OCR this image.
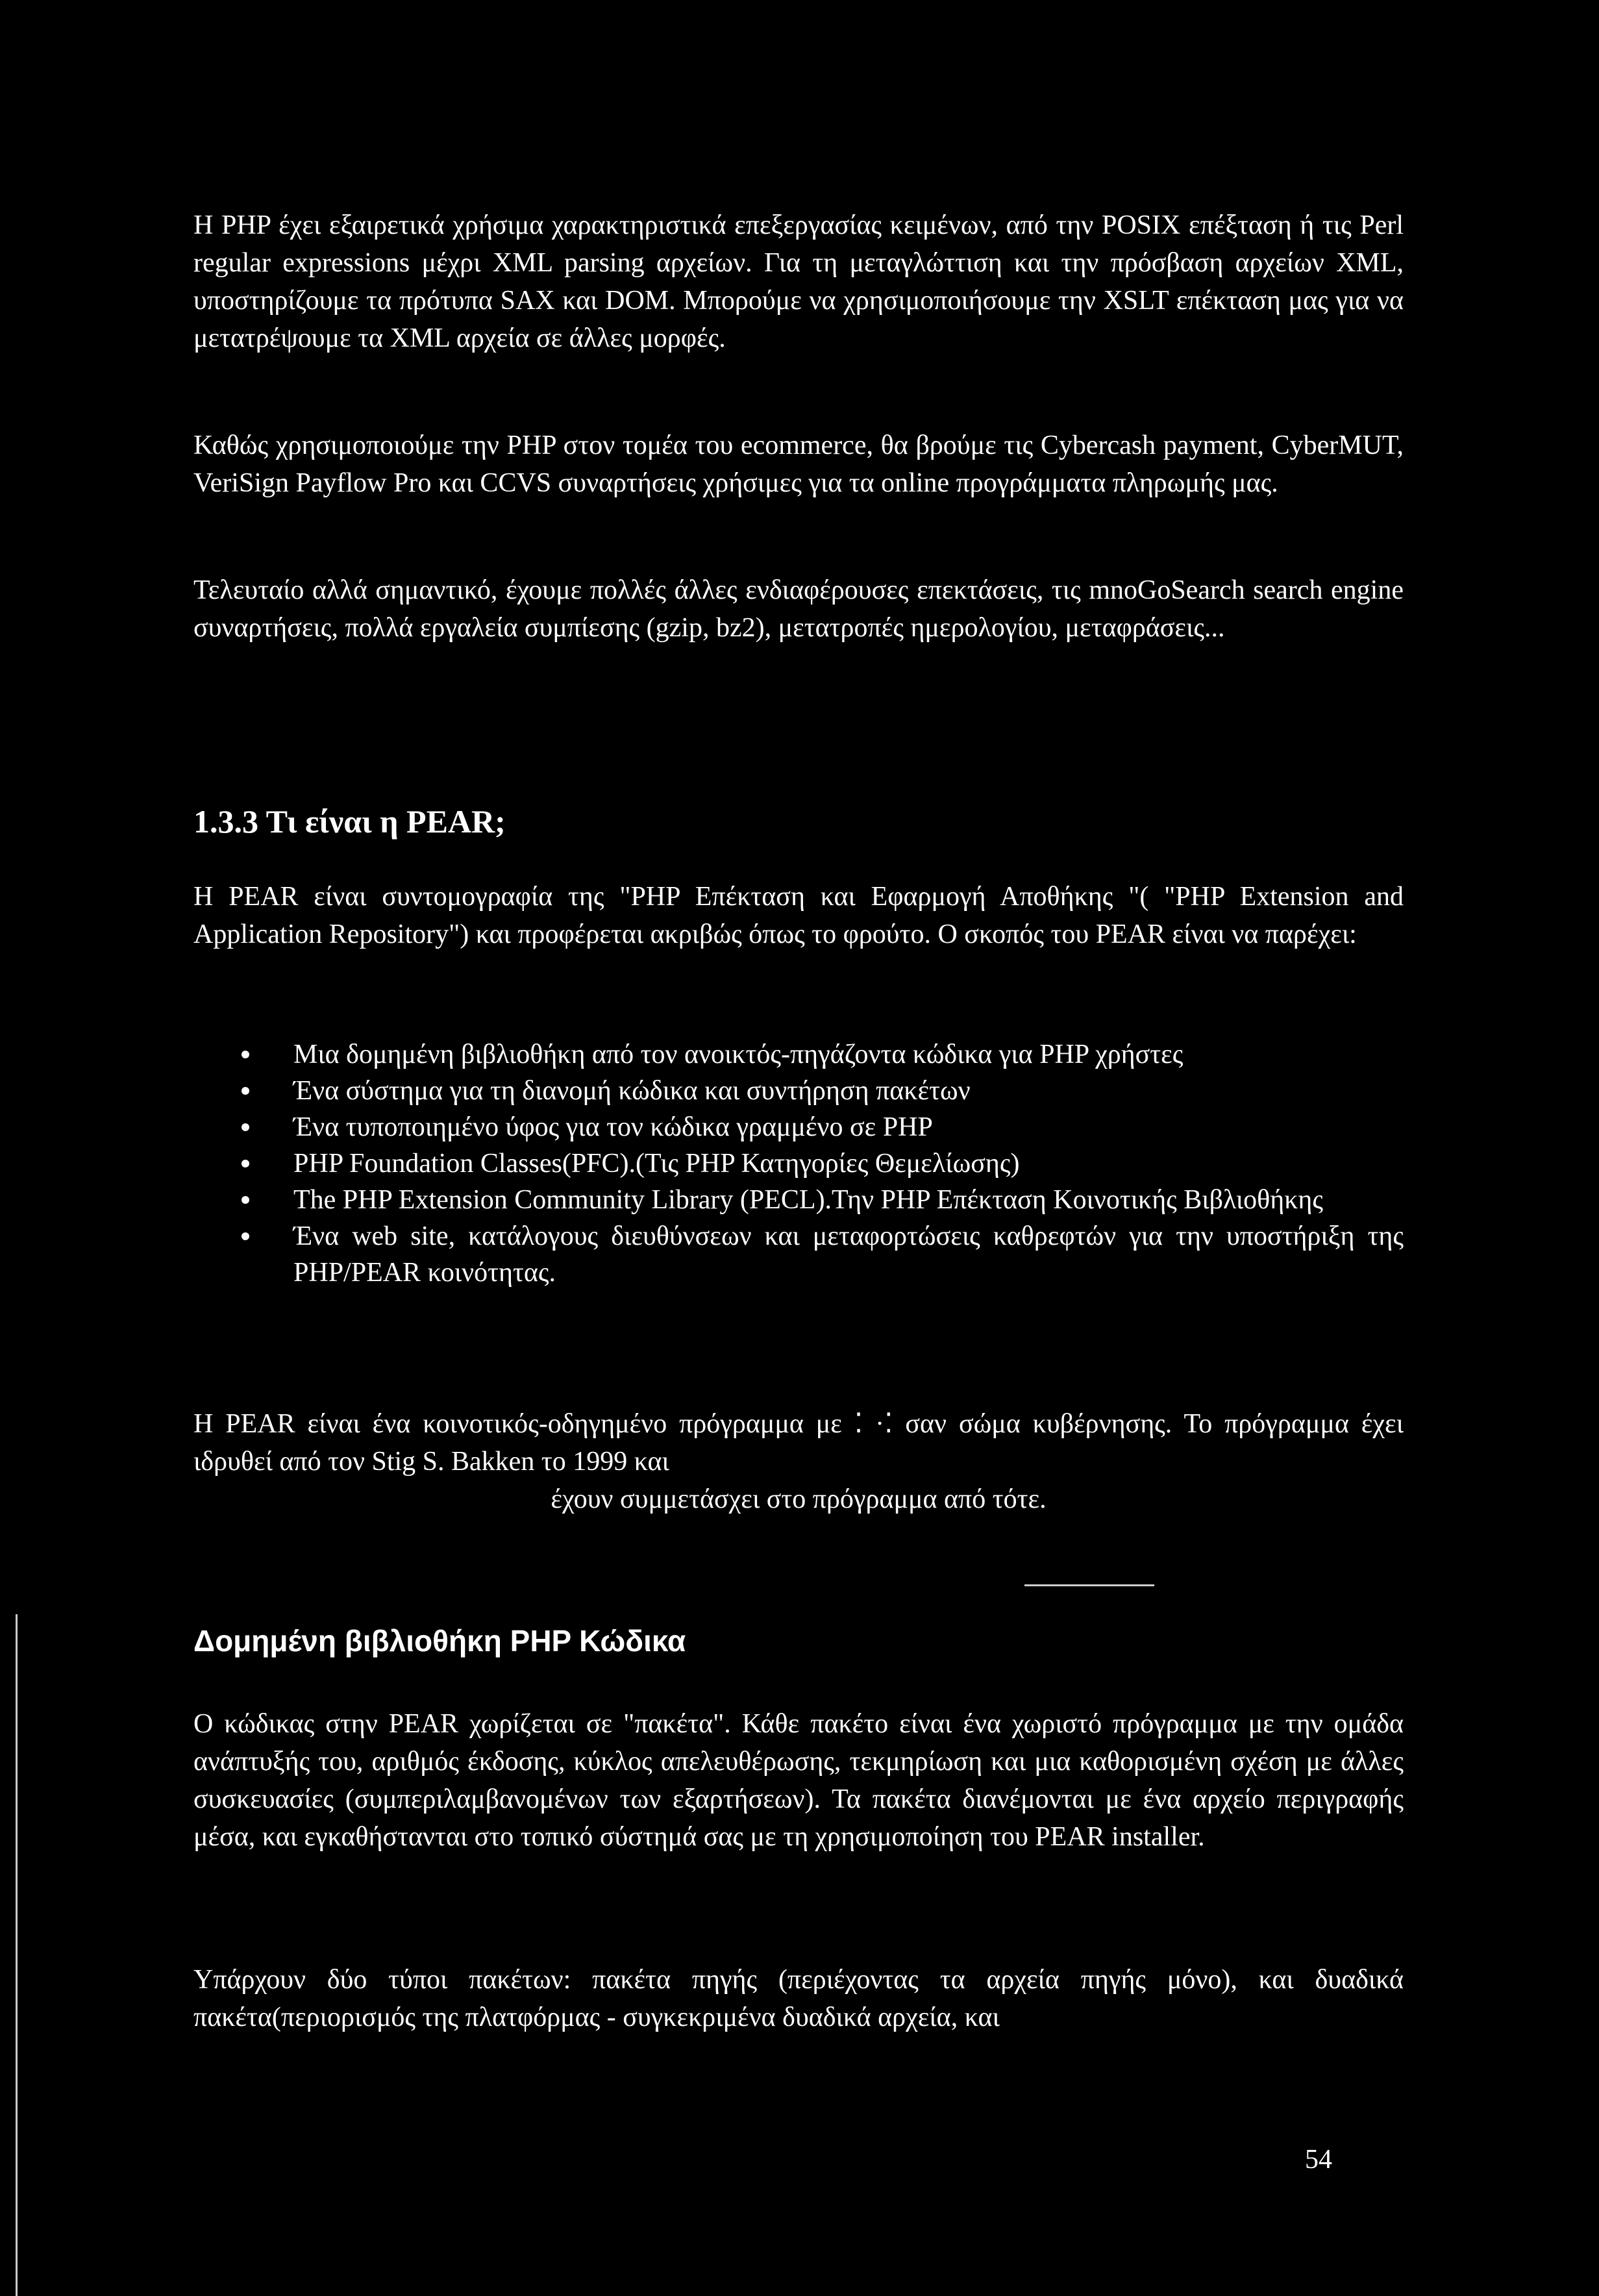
Η PHP έχει εξαιρετικά χρήσιμα χαρακτηριστικά επεξεργασίας κειμένων, από την POSIX επέξταση ή τις Perl regular expressions μέχρι XML parsing αρχείων. Για τη μεταγλώττιση και την πρόσβαση αρχείων XML, υποστηρίζουμε τα πρότυπα SAX και DOM. Μπορούμε να χρησιμοποιήσουμε την XSLT επέκταση μας για να μετατρέψουμε τα XML αρχεία σε άλλες μορφές.

Καθώς χρησιμοποιούμε την PHP στον τομέα του ecommerce, θα βρούμε τις Cybercash payment, CyberMUT, VeriSign Payflow Pro και CCVS συναρτήσεις χρήσιμες για τα online προγράμματα πληρωμής μας.

Τελευταίο αλλά σημαντικό, έχουμε πολλές άλλες ενδιαφέρουσες επεκτάσεις, τις mnoGoSearch search engine συναρτήσεις, πολλά εργαλεία συμπίεσης (gzip, bz2), μετατροπές ημερολογίου, μεταφράσεις...

1.3.3 Τι είναι η PEAR;

Η PEAR είναι συντομογραφία της "PHP Επέκταση και Εφαρμογή Αποθήκης "( "PHP Extension and Application Repository") και προφέρεται ακριβώς όπως το φρούτο. Ο σκοπός του PEAR είναι να παρέχει:

Μια δομημένη βιβλιοθήκη από τον ανοικτός-πηγάζοντα κώδικα για PHP χρήστες
Ένα σύστημα για τη διανομή κώδικα και συντήρηση πακέτων
Ένα τυποποιημένο ύφος για τον κώδικα γραμμένο σε PHP
PHP Foundation Classes(PFC).(Τις PHP Κατηγορίες Θεμελίωσης)
The PHP Extension Community Library (PECL).Την PHP Επέκταση Κοινοτικής Βιβλιοθήκης
Ένα web site, κατάλογους διευθύνσεων και μεταφορτώσεις καθρεφτών για την υποστήριξη της PHP/PEAR κοινότητας.

Η PEAR είναι ένα κοινοτικός-οδηγημένο πρόγραμμα με ⁚ ·⁚ σαν σώμα κυβέρνησης. Το πρόγραμμα έχει ιδρυθεί από τον Stig S. Bakken το 1999 και

έχουν συμμετάσχει στο πρόγραμμα από τότε.

Δομημένη βιβλιοθήκη PHP Κώδικα

Ο κώδικας στην PEAR χωρίζεται σε "πακέτα". Κάθε πακέτο είναι ένα χωριστό πρόγραμμα με την ομάδα ανάπτυξής του, αριθμός έκδοσης, κύκλος απελευθέρωσης, τεκμηρίωση και μια καθορισμένη σχέση με άλλες συσκευασίες (συμπεριλαμβανομένων των εξαρτήσεων). Τα πακέτα διανέμονται με ένα αρχείο περιγραφής μέσα, και εγκαθήστανται στο τοπικό σύστημά σας με τη χρησιμοποίηση του PEAR installer.

Υπάρχουν δύο τύποι πακέτων: πακέτα πηγής (περιέχοντας τα αρχεία πηγής μόνο), και δυαδικά πακέτα(περιορισμός της πλατφόρμας - συγκεκριμένα δυαδικά αρχεία, και

54
